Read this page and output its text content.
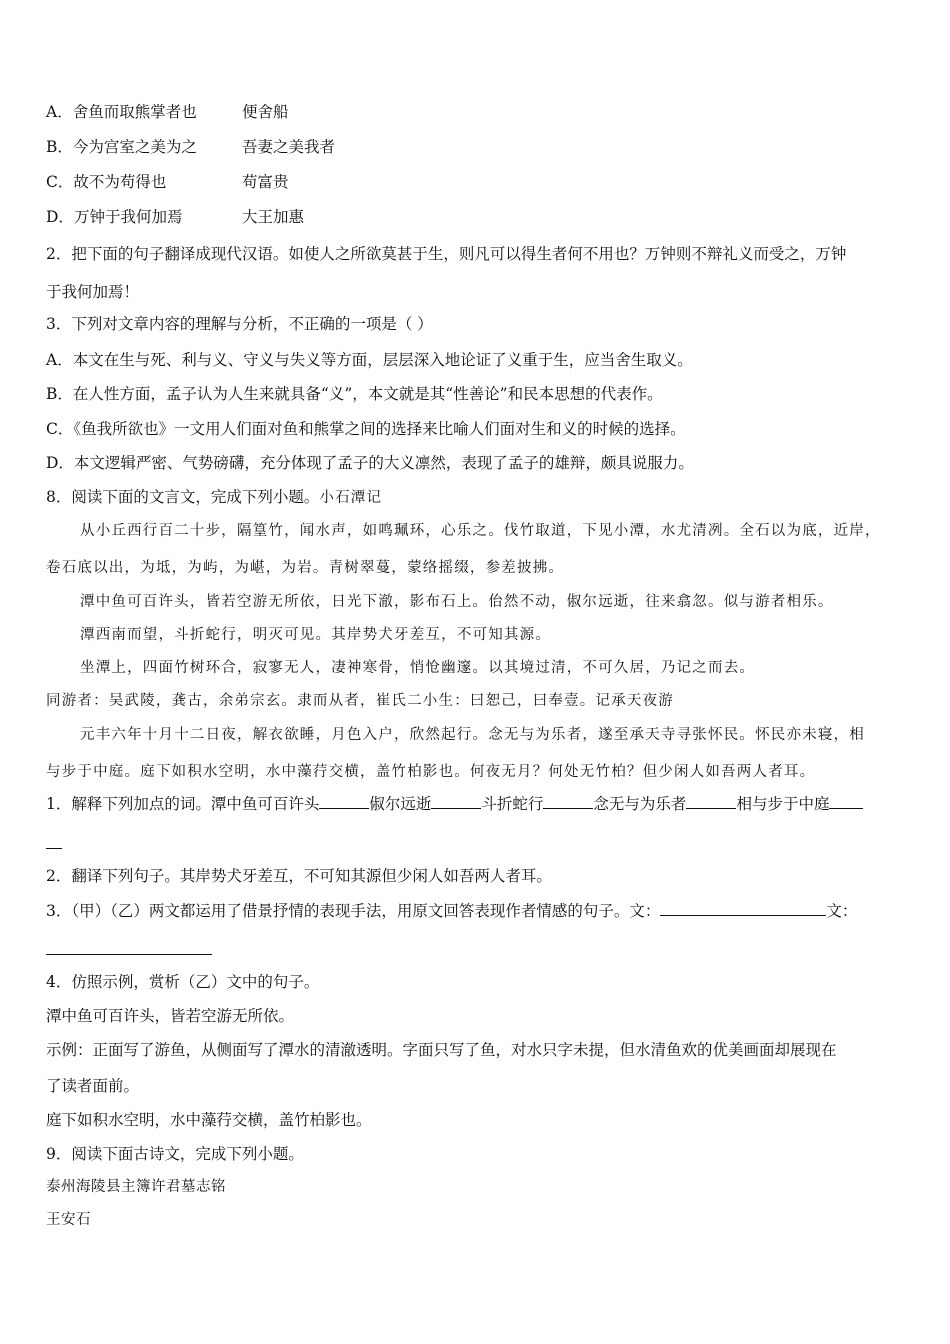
A．舍鱼而取熊掌者也	便舍船
B．今为宫室之美为之	吾妻之美我者
C．故不为苟得也	苟富贵
D．万钟于我何加焉	大王加惠
2．把下面的句子翻译成现代汉语。如使人之所欲莫甚于生，则凡可以得生者何不用也？万钟则不辩礼义而受之，万钟
于我何加焉！
3．下列对文章内容的理解与分析，不正确的一项是（ ）
A．本文在生与死、利与义、守义与失义等方面，层层深入地论证了义重于生，应当舍生取义。
B．在人性方面，孟子认为人生来就具备“义”，本文就是其“性善论”和民本思想的代表作。
C．《鱼我所欲也》一文用人们面对鱼和熊掌之间的选择来比喻人们面对生和义的时候的选择。
D．本文逻辑严密、气势磅礴，充分体现了孟子的大义凛然，表现了孟子的雄辩，颇具说服力。
8．阅读下面的文言文，完成下列小题。小石潭记
从小丘西行百二十步，隔篁竹，闻水声，如鸣珮环，心乐之。伐竹取道，下见小潭，水尤清冽。全石以为底，近岸，
卷石底以出，为坻，为屿，为嵁，为岩。青树翠蔓，蒙络摇缀，参差披拂。
潭中鱼可百许头，皆若空游无所依，日光下澈，影布石上。佁然不动，俶尔远逝，往来翕忽。似与游者相乐。
潭西南而望，斗折蛇行，明灭可见。其岸势犬牙差互，不可知其源。
坐潭上，四面竹树环合，寂寥无人，凄神寒骨，悄怆幽邃。以其境过清，不可久居，乃记之而去。
同游者：吴武陵，龚古，余弟宗玄。隶而从者，崔氏二小生：曰恕己，曰奉壹。记承天夜游
元丰六年十月十二日夜，解衣欲睡，月色入户，欣然起行。念无与为乐者，遂至承天寺寻张怀民。怀民亦未寝，相
与步于中庭。庭下如积水空明，水中藻荇交横，盖竹柏影也。何夜无月？何处无竹柏？但少闲人如吾两人者耳。
1．解释下列加点的词。潭中鱼可百许头	俶尔远逝	斗折蛇行	念无与为乐者	相与步于中庭
2．翻译下列句子。其岸势犬牙差互，不可知其源但少闲人如吾两人者耳。
3．（甲）（乙）两文都运用了借景抒情的表现手法，用原文回答表现作者情感的句子。文：	文：
4．仿照示例，赏析（乙）文中的句子。
潭中鱼可百许头，皆若空游无所依。
示例：正面写了游鱼，从侧面写了潭水的清澈透明。字面只写了鱼，对水只字未提，但水清鱼欢的优美画面却展现在
了读者面前。
庭下如积水空明，水中藻荇交横，盖竹柏影也。
9．阅读下面古诗文，完成下列小题。
泰州海陵县主簿许君墓志铭
王安石
